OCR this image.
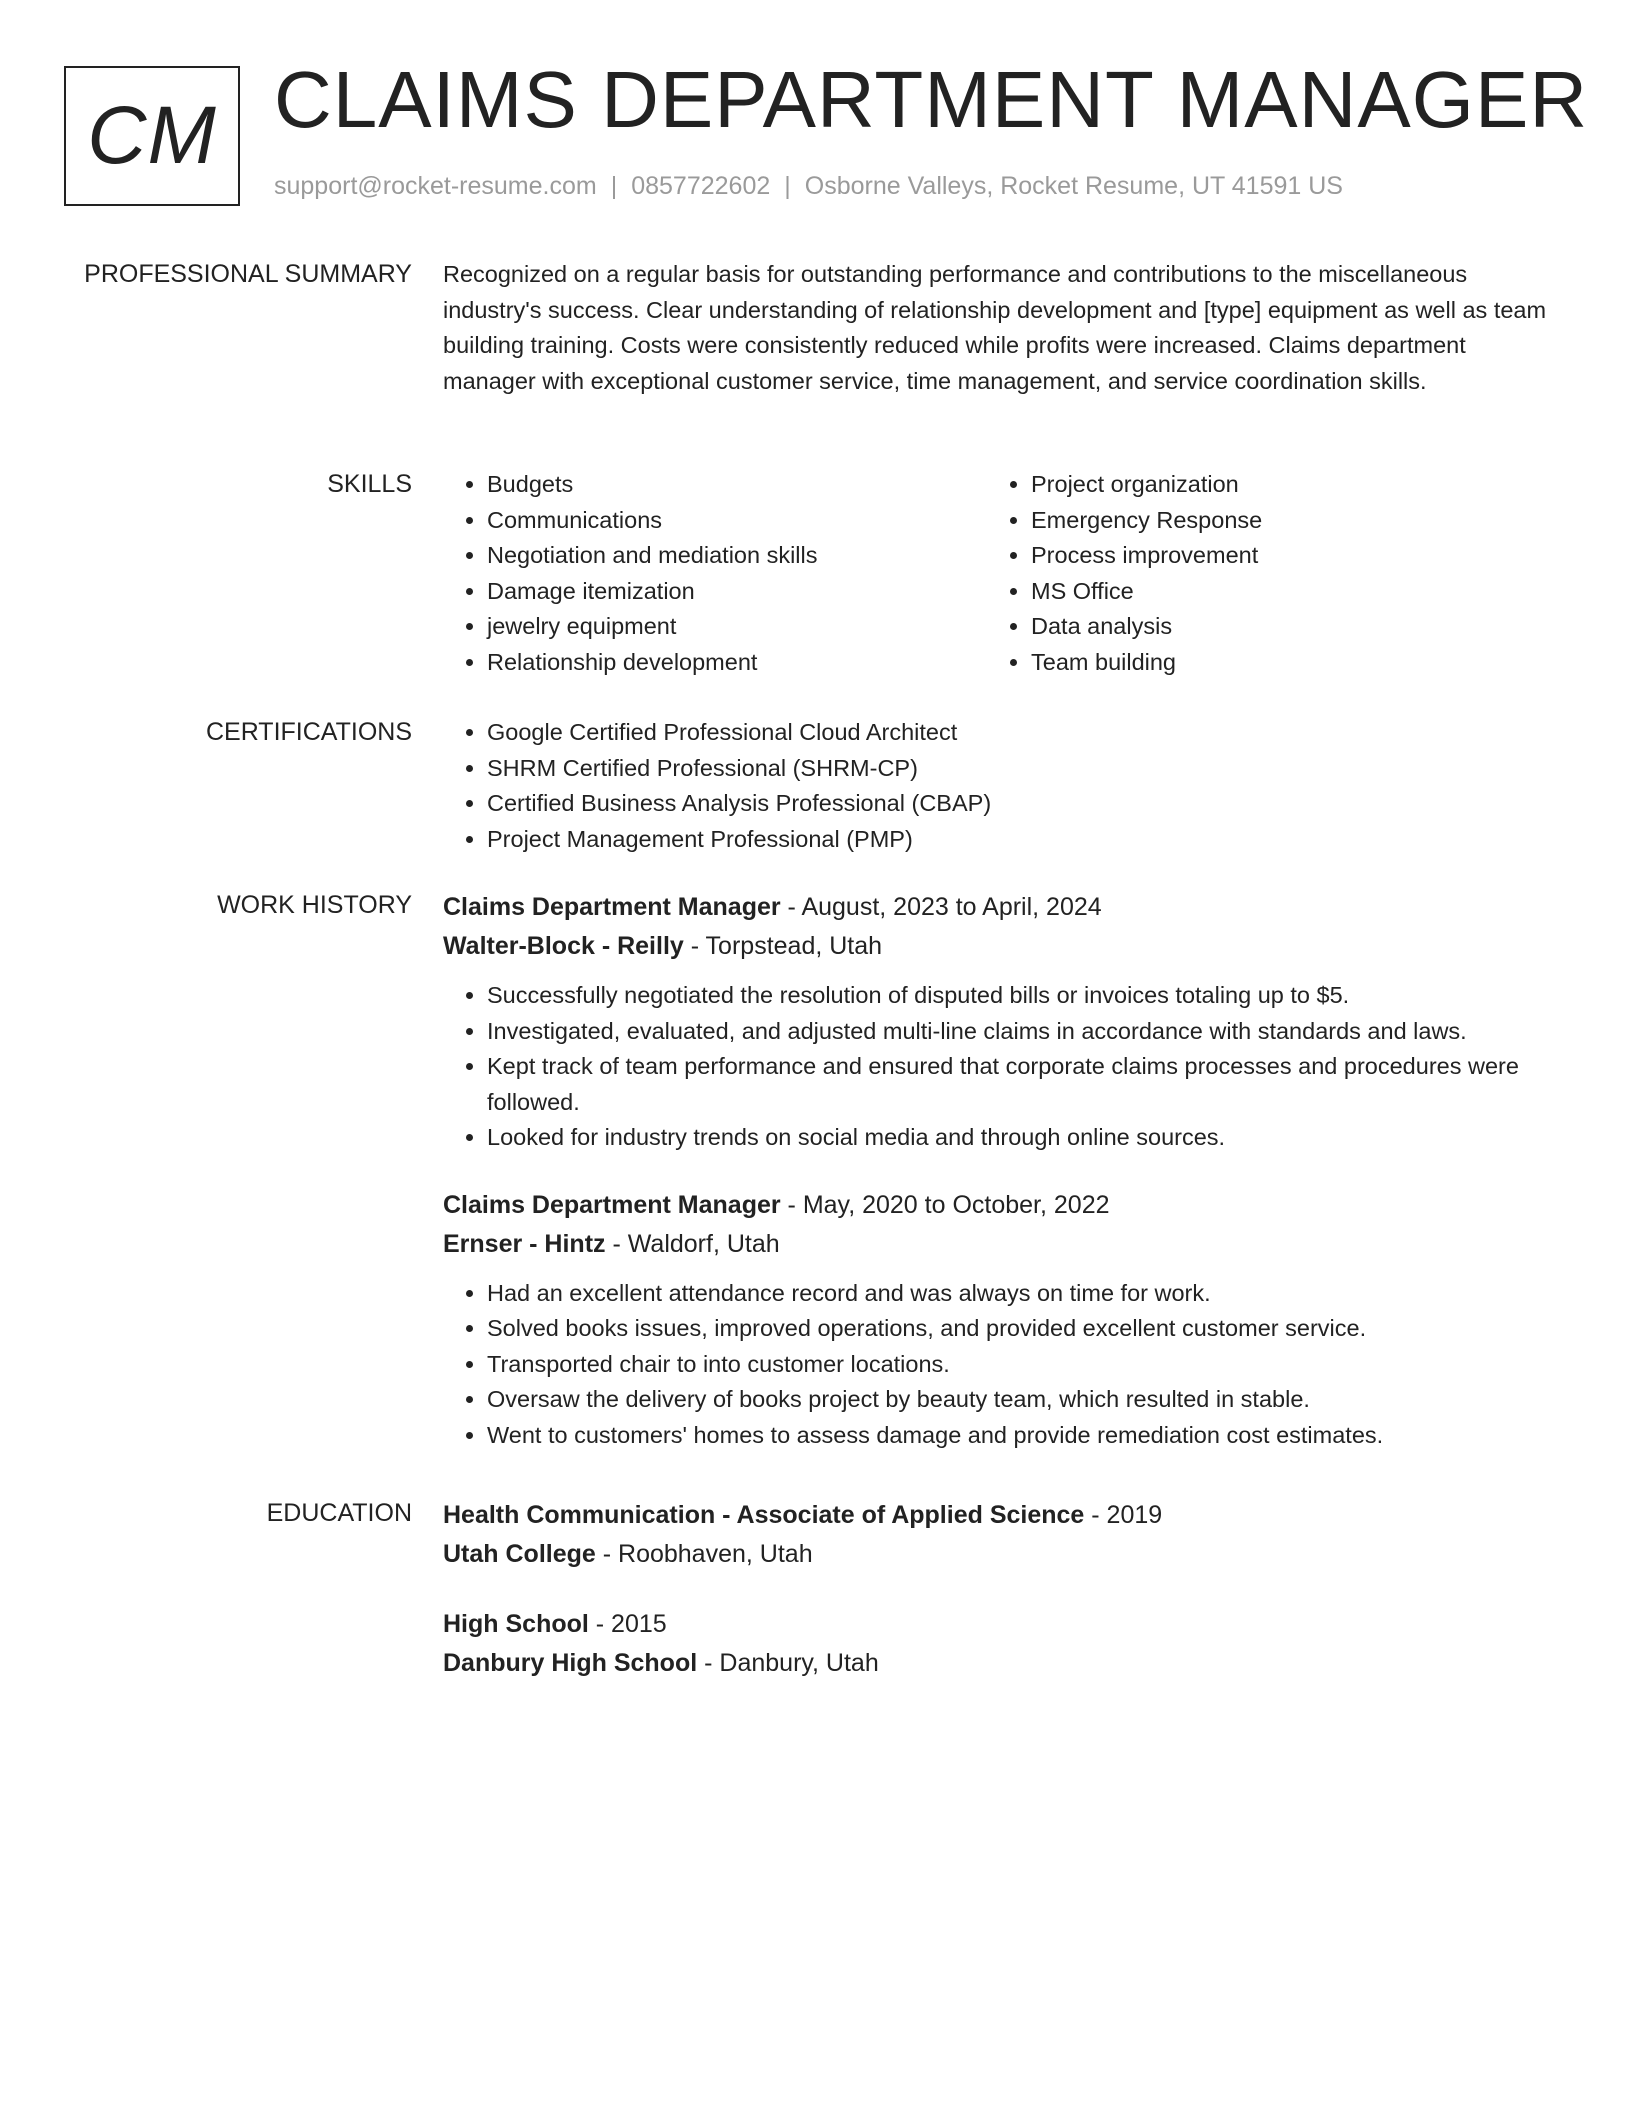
CM CLAIMS DEPARTMENT MANAGER
support@rocket-resume.com | 0857722602 | Osborne Valleys, Rocket Resume, UT 41591 US
PROFESSIONAL SUMMARY Recognized on a regular basis for outstanding performance and contributions to the miscellaneous industry's success. Clear understanding of relationship development and [type] equipment as well as team building training. Costs were consistently reduced while profits were increased. Claims department manager with exceptional customer service, time management, and service coordination skills.
SKILLS	• Budgets
• Communications
• Negotiation and mediation skills
• Damage itemization
• jewelry equipment
• Relationship development
• Project organization
• Emergency Response
• Process improvement
• MS Office
• Data analysis
• Team building
CERTIFICATIONS	• Google Certified Professional Cloud Architect
• SHRM Certified Professional (SHRM-CP)
• Certified Business Analysis Professional (CBAP)
• Project Management Professional (PMP)
WORK HISTORY Claims Department Manager - August, 2023 to April, 2024
Walter-Block - Reilly - Torpstead, Utah
• Successfully negotiated the resolution of disputed bills or invoices totaling up to $5.
• Investigated, evaluated, and adjusted multi-line claims in accordance with standards and laws.
• Kept track of team performance and ensured that corporate claims processes and procedures were followed.
• Looked for industry trends on social media and through online sources.
Claims Department Manager - May, 2020 to October, 2022
Ernser - Hintz - Waldorf, Utah
• Had an excellent attendance record and was always on time for work.
• Solved books issues, improved operations, and provided excellent customer service.
• Transported chair to into customer locations.
• Oversaw the delivery of books project by beauty team, which resulted in stable.
• Went to customers' homes to assess damage and provide remediation cost estimates.
EDUCATION Health Communication - Associate of Applied Science - 2019
Utah College - Roobhaven, Utah
High School - 2015
Danbury High School - Danbury, Utah
